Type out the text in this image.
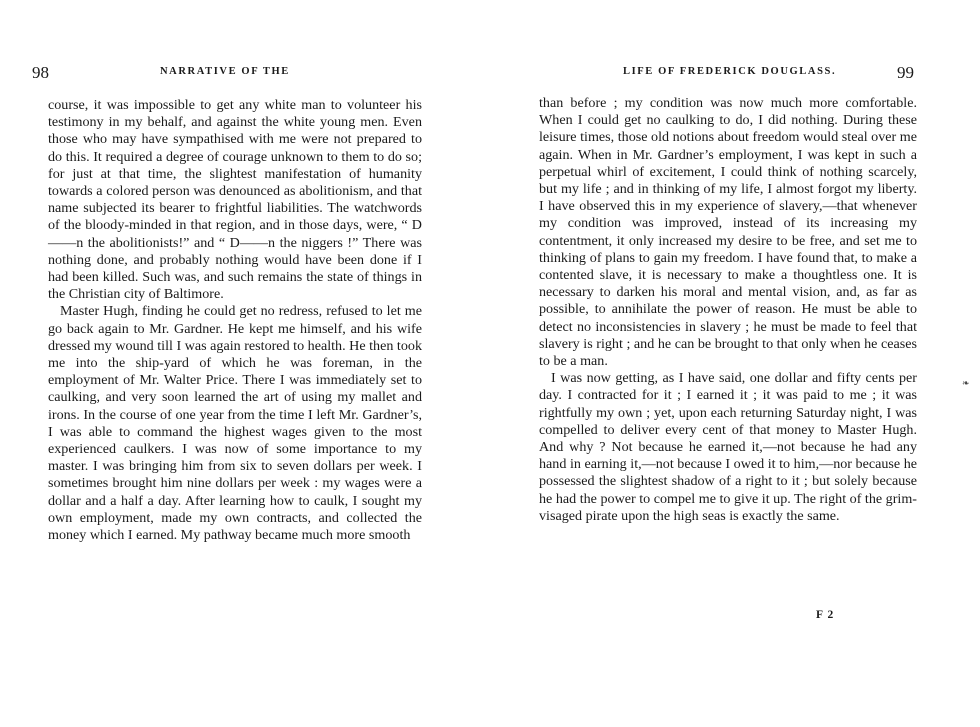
98	NARRATIVE OF THE

course, it was impossible to get any white man to volunteer his testimony in my behalf, and against the white young men. Even those who may have sympathised with me were not prepared to do this. It required a degree of courage unknown to them to do so; for just at that time, the slightest manifestation of humanity towards a colored person was denounced as abolitionism, and that name subjected its bearer to frightful liabilities. The watchwords of the bloody-minded in that region, and in those days, were, “ D——n the abolitionists!” and “ D——n the niggers !” There was nothing done, and probably nothing would have been done if I had been killed. Such was, and such remains the state of things in the Christian city of Baltimore.

Master Hugh, finding he could get no redress, refused to let me go back again to Mr. Gardner. He kept me himself, and his wife dressed my wound till I was again restored to health. He then took me into the ship-yard of which he was foreman, in the employment of Mr. Walter Price. There I was immediately set to caulking, and very soon learned the art of using my mallet and irons. In the course of one year from the time I left Mr. Gardner’s, I was able to command the highest wages given to the most experienced caulkers. I was now of some importance to my master. I was bringing him from six to seven dollars per week. I sometimes brought him nine dollars per week : my wages were a dollar and a half a day. After learning how to caulk, I sought my own employment, made my own contracts, and collected the money which I earned. My pathway became much more smooth

LIFE OF FREDERICK DOUGLASS.	99

than before ; my condition was now much more comfortable. When I could get no caulking to do, I did nothing. During these leisure times, those old notions about freedom would steal over me again. When in Mr. Gardner’s employment, I was kept in such a perpetual whirl of excitement, I could think of nothing scarcely, but my life ; and in thinking of my life, I almost forgot my liberty. I have observed this in my experience of slavery,—that whenever my condition was improved, instead of its increasing my contentment, it only increased my desire to be free, and set me to thinking of plans to gain my freedom. I have found that, to make a contented slave, it is necessary to make a thoughtless one. It is necessary to darken his moral and mental vision, and, as far as possible, to annihilate the power of reason. He must be able to detect no inconsistencies in slavery ; he must be made to feel that slavery is right ; and he can be brought to that only when he ceases to be a man.

I was now getting, as I have said, one dollar and fifty cents per day. I contracted for it ; I earned it ; it was paid to me ; it was rightfully my own ; yet, upon each returning Saturday night, I was compelled to deliver every cent of that money to Master Hugh. And why ? Not because he earned it,—not because he had any hand in earning it,—not because I owed it to him,—nor because he possessed the slightest shadow of a right to it ; but solely because he had the power to compel me to give it up. The right of the grim-visaged pirate upon the high seas is exactly the same.

F 2
❧
